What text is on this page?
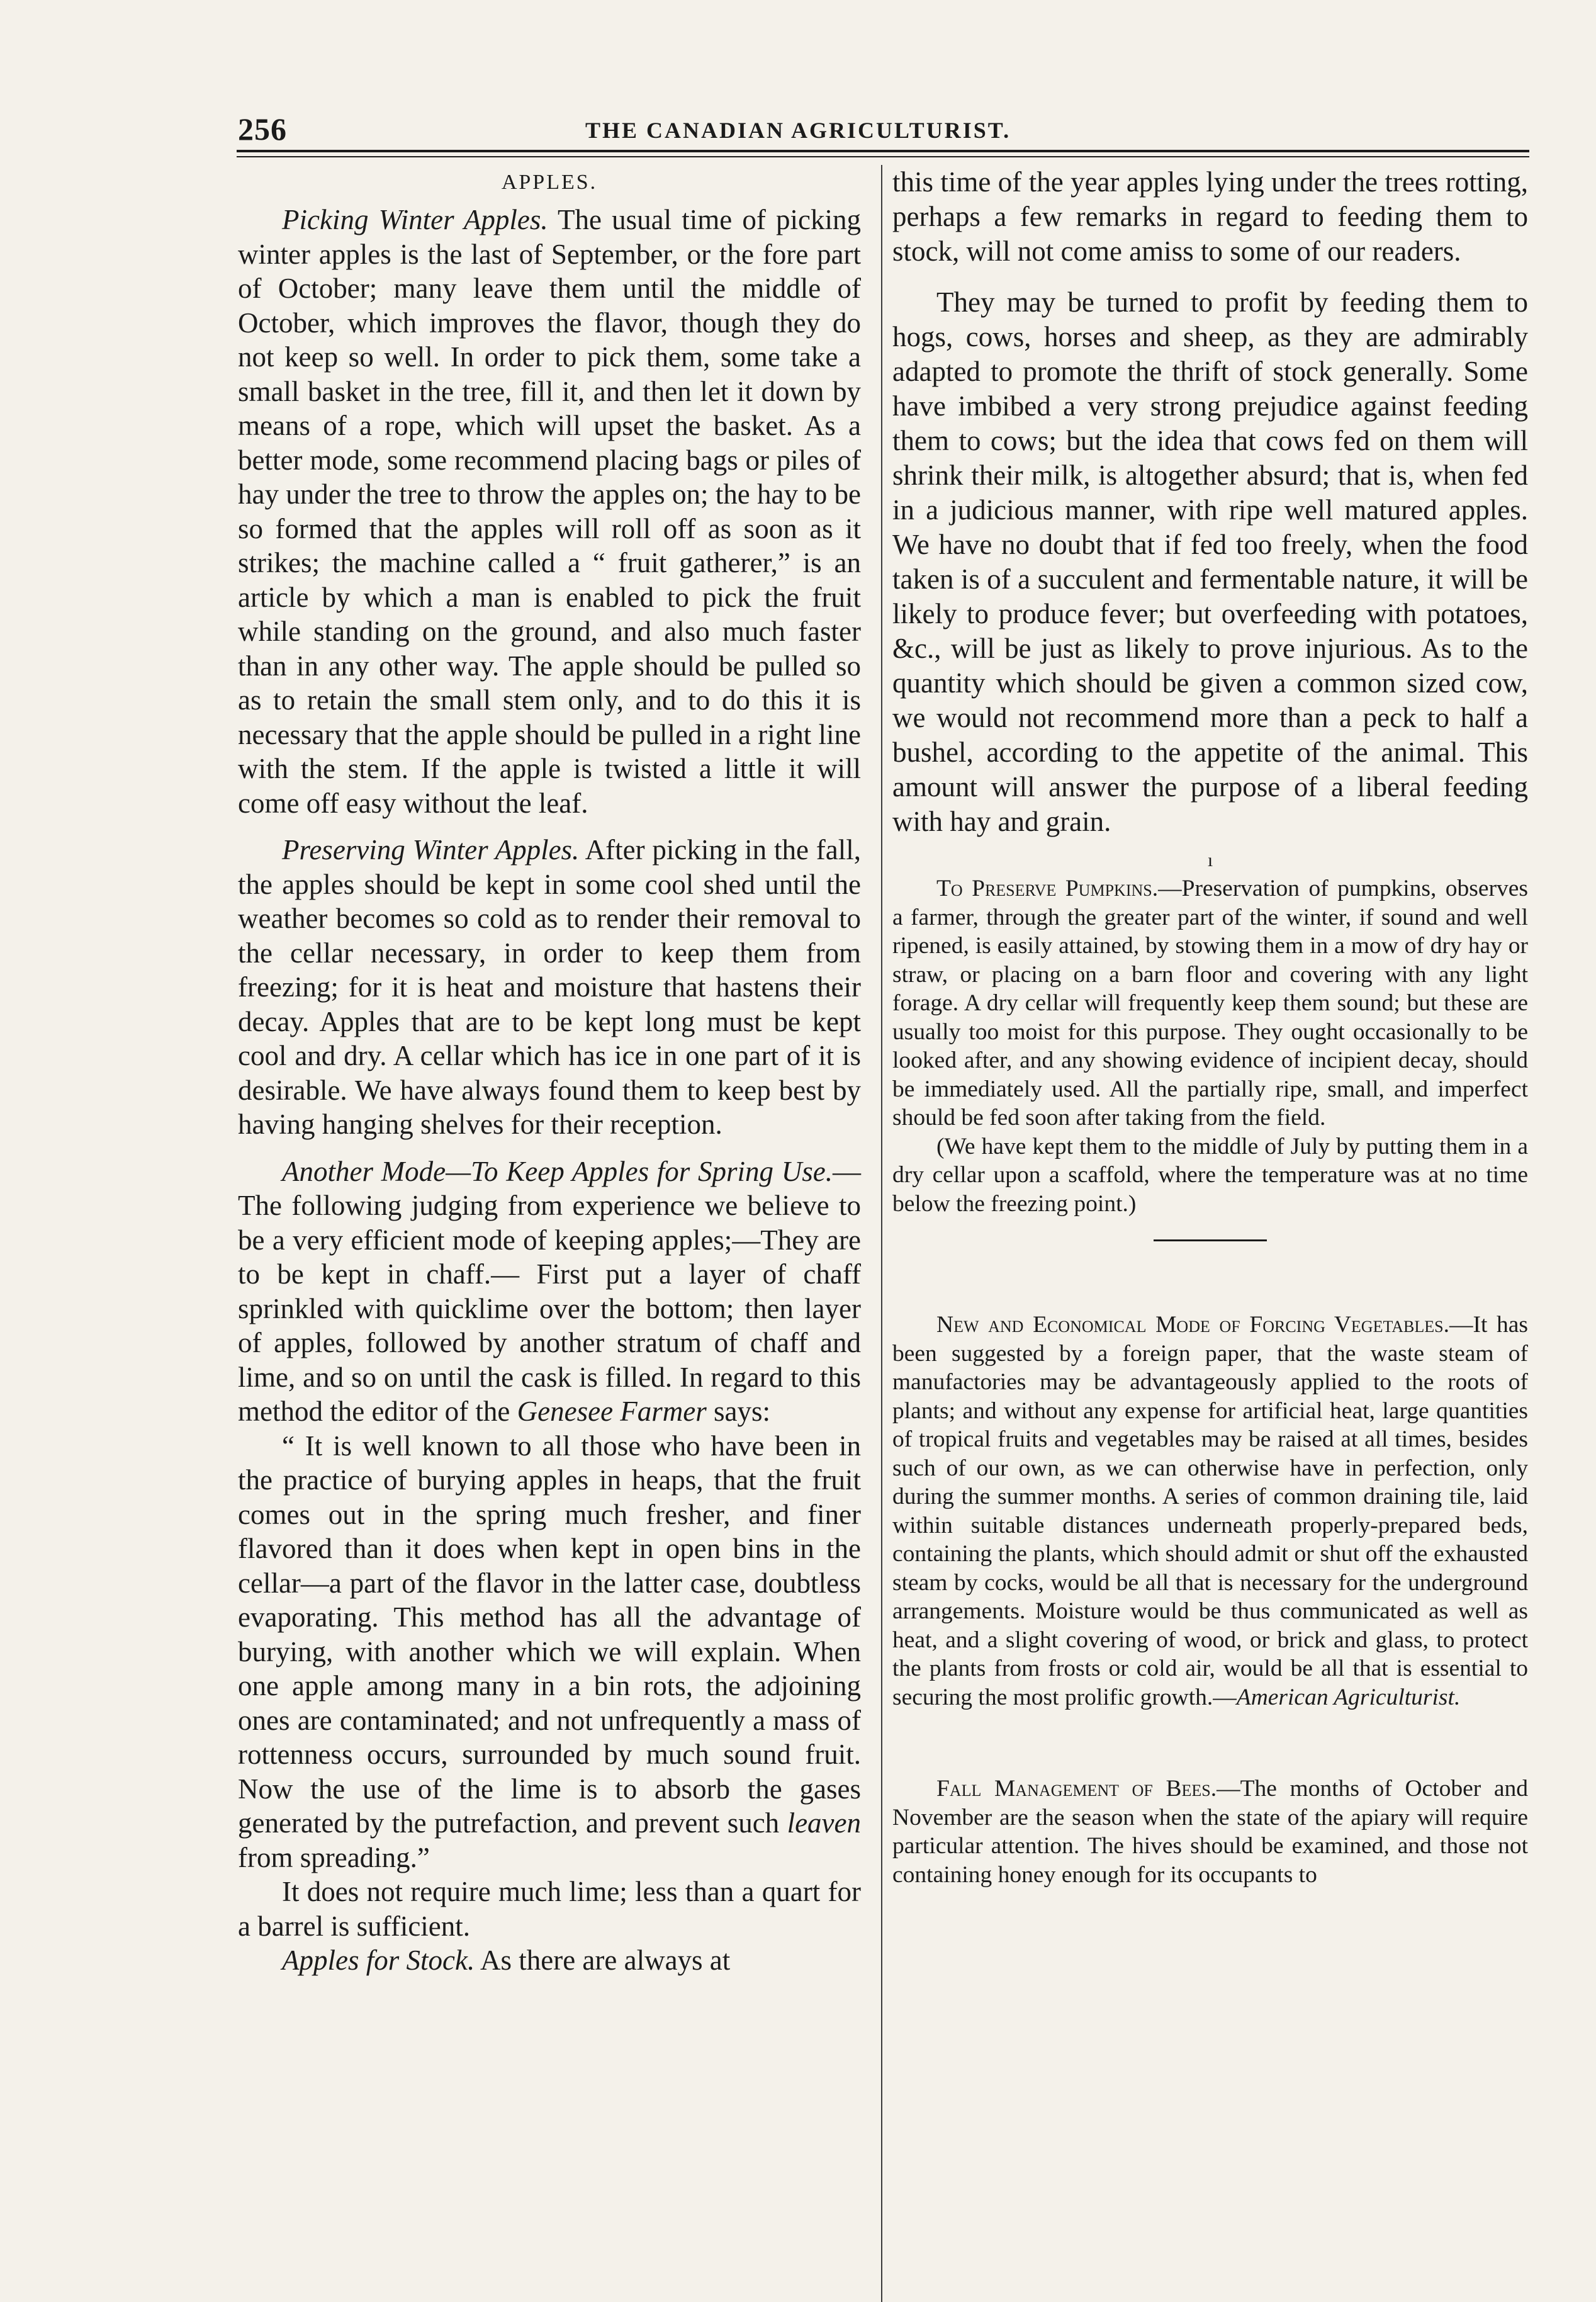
256	THE CANADIAN AGRICULTURIST.
APPLES.

Picking Winter Apples. The usual time of picking winter apples is the last of September, or the fore part of October; many leave them until the middle of October, which improves the flavor, though they do not keep so well. In order to pick them, some take a small basket in the tree, fill it, and then let it down by means of a rope, which will upset the basket. As a better mode, some recommend placing bags or piles of hay under the tree to throw the apples on; the hay to be so formed that the apples will roll off as soon as it strikes; the machine called a “ fruit gatherer,” is an article by which a man is enabled to pick the fruit while standing on the ground, and also much faster than in any other way. The apple should be pulled so as to retain the small stem only, and to do this it is necessary that the apple should be pulled in a right line with the stem. If the apple is twisted a little it will come off easy without the leaf.

Preserving Winter Apples. After picking in the fall, the apples should be kept in some cool shed until the weather becomes so cold as to render their removal to the cellar necessary, in order to keep them from freezing; for it is heat and moisture that hastens their decay. Apples that are to be kept long must be kept cool and dry. A cellar which has ice in one part of it is desirable. We have always found them to keep best by having hanging shelves for their reception.

Another Mode—To Keep Apples for Spring Use.—The following judging from experience we believe to be a very efficient mode of keeping apples;—They are to be kept in chaff.— First put a layer of chaff sprinkled with quicklime over the bottom; then layer of apples, followed by another stratum of chaff and lime, and so on until the cask is filled. In regard to this method the editor of the Genesee Farmer says:

“ It is well known to all those who have been in the practice of burying apples in heaps, that the fruit comes out in the spring much fresher, and finer flavored than it does when kept in open bins in the cellar—a part of the flavor in the latter case, doubtless evaporating. This method has all the advantage of burying, with another which we will explain. When one apple among many in a bin rots, the adjoining ones are contaminated; and not unfrequently a mass of rottenness occurs, surrounded by much sound fruit. Now the use of the lime is to absorb the gases generated by the putrefaction, and prevent such leaven from spreading.”

It does not require much lime; less than a quart for a barrel is sufficient.

Apples for Stock. As there are always at

this time of the year apples lying under the trees rotting, perhaps a few remarks in regard to feeding them to stock, will not come amiss to some of our readers.

They may be turned to profit by feeding them to hogs, cows, horses and sheep, as they are admirably adapted to promote the thrift of stock generally. Some have imbibed a very strong prejudice against feeding them to cows; but the idea that cows fed on them will shrink their milk, is altogether absurd; that is, when fed in a judicious manner, with ripe well matured apples. We have no doubt that if fed too freely, when the food taken is of a succulent and fermentable nature, it will be likely to produce fever; but overfeeding with potatoes, &c., will be just as likely to prove injurious. As to the quantity which should be given a common sized cow, we would not recommend more than a peck to half a bushel, according to the appetite of the animal. This amount will answer the purpose of a liberal feeding with hay and grain.

ı

To Preserve Pumpkins.—Preservation of pumpkins, observes a farmer, through the greater part of the winter, if sound and well ripened, is easily attained, by stowing them in a mow of dry hay or straw, or placing on a barn floor and covering with any light forage. A dry cellar will frequently keep them sound; but these are usually too moist for this purpose. They ought occasionally to be looked after, and any showing evidence of incipient decay, should be immediately used. All the partially ripe, small, and imperfect should be fed soon after taking from the field.

(We have kept them to the middle of July by putting them in a dry cellar upon a scaffold, where the temperature was at no time below the freezing point.)

New and Economical Mode of Forcing Vegetables.—It has been suggested by a foreign paper, that the waste steam of manufactories may be advantageously applied to the roots of plants; and without any expense for artificial heat, large quantities of tropical fruits and vegetables may be raised at all times, besides such of our own, as we can otherwise have in perfection, only during the summer months. A series of common draining tile, laid within suitable distances underneath properly-prepared beds, containing the plants, which should admit or shut off the exhausted steam by cocks, would be all that is necessary for the underground arrangements. Moisture would be thus communicated as well as heat, and a slight covering of wood, or brick and glass, to protect the plants from frosts or cold air, would be all that is essential to securing the most prolific growth.—American Agriculturist.

Fall Management of Bees.—The months of October and November are the season when the state of the apiary will require particular attention. The hives should be examined, and those not containing honey enough for its occupants to
